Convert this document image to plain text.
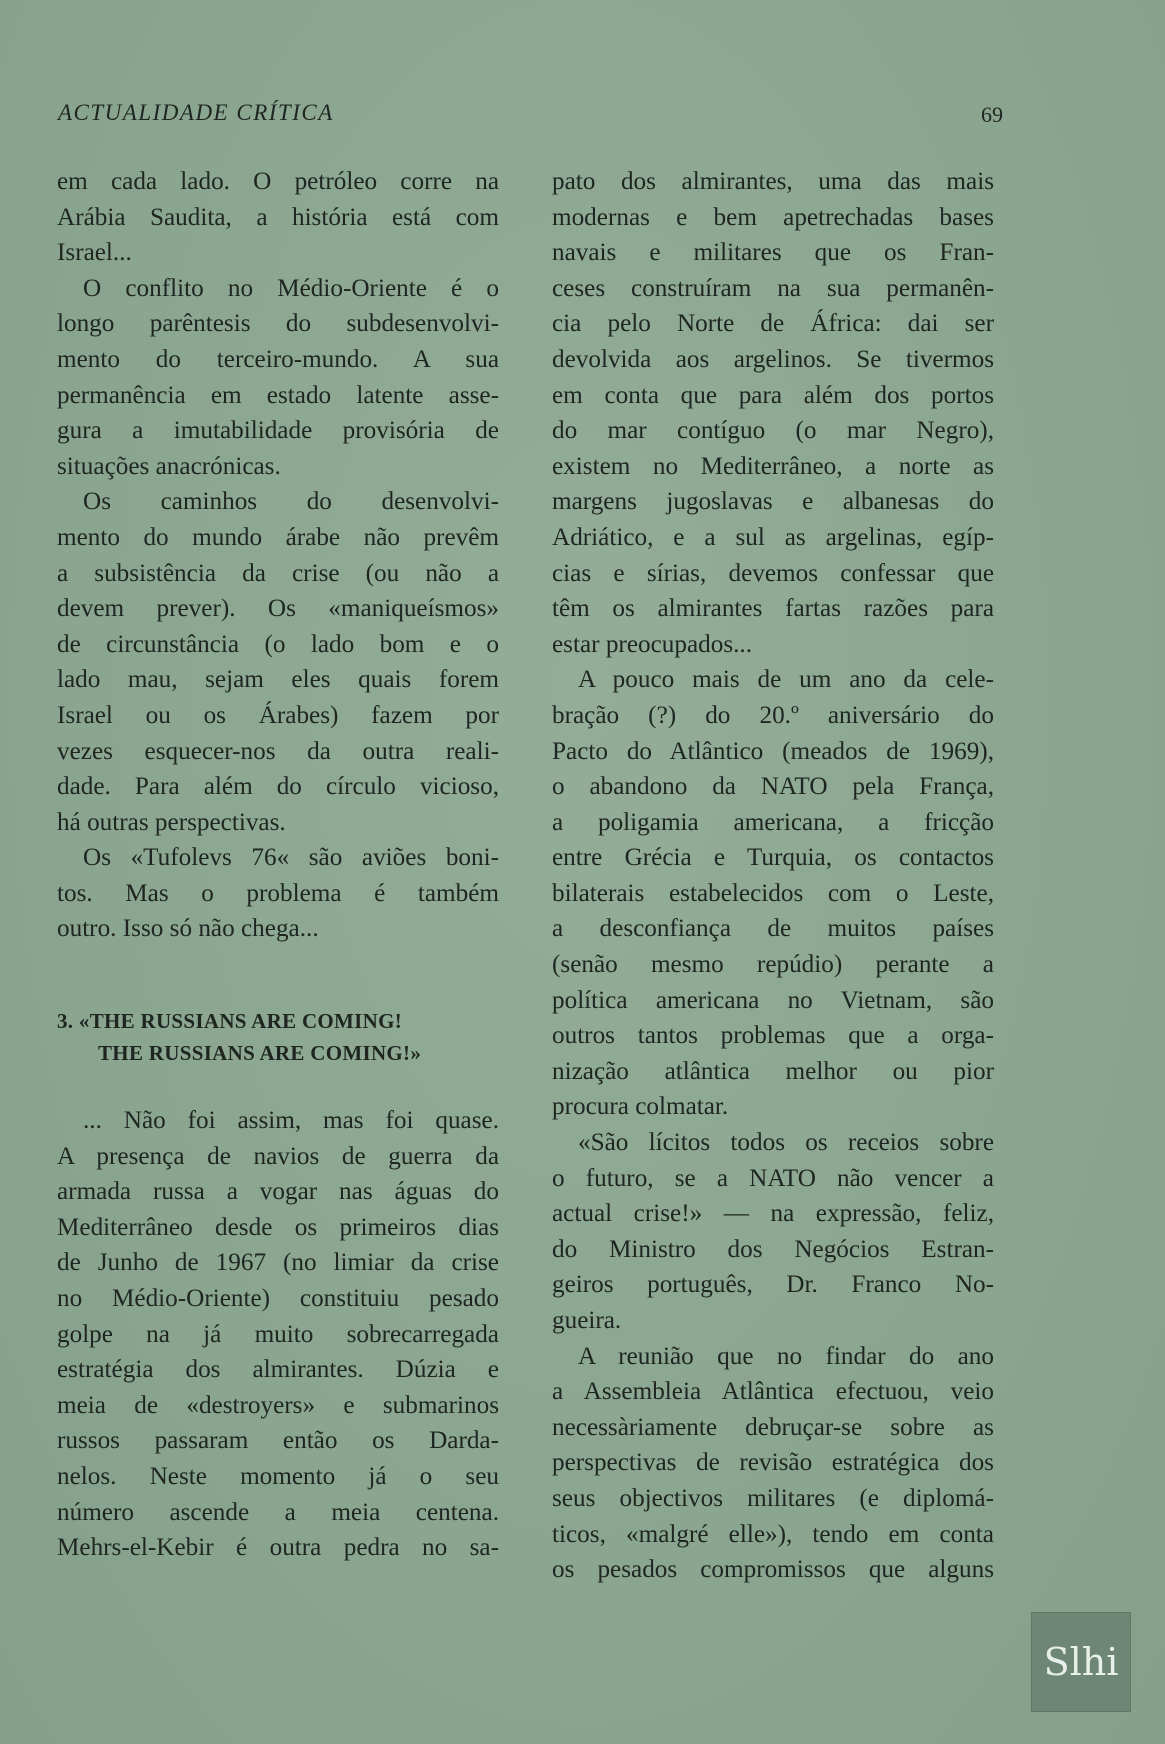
ACTUALIDADE CRÍTICA	69
em cada lado. O petróleo corre na
Arábia Saudita, a história está com
Israel...
O conflito no Médio-Oriente é o
longo parêntesis do subdesenvolvi-
mento do terceiro-mundo. A sua
permanência em estado latente asse-
gura a imutabilidade provisória de
situações anacrónicas.
Os caminhos do desenvolvi-
mento do mundo árabe não prevêm
a subsistência da crise (ou não a
devem prever). Os «maniqueísmos»
de circunstância (o lado bom e o
lado mau, sejam eles quais forem
Israel ou os Árabes) fazem por
vezes esquecer-nos da outra reali-
dade. Para além do círculo vicioso,
há outras perspectivas.
Os «Tufolevs 76« são aviões boni-
tos. Mas o problema é também
outro. Isso só não chega...
3. «THE RUSSIANS ARE COMING!
THE RUSSIANS ARE COMING!»
... Não foi assim, mas foi quase.
A presença de navios de guerra da
armada russa a vogar nas águas do
Mediterrâneo desde os primeiros dias
de Junho de 1967 (no limiar da crise
no Médio-Oriente) constituiu pesado
golpe na já muito sobrecarregada
estratégia dos almirantes. Dúzia e
meia de «destroyers» e submarinos
russos passaram então os Darda-
nelos. Neste momento já o seu
número ascende a meia centena.
Mehrs-el-Kebir é outra pedra no sa-
pato dos almirantes, uma das mais
modernas e bem apetrechadas bases
navais e militares que os Fran-
ceses construíram na sua permanên-
cia pelo Norte de África: dai ser
devolvida aos argelinos. Se tivermos
em conta que para além dos portos
do mar contíguo (o mar Negro),
existem no Mediterrâneo, a norte as
margens jugoslavas e albanesas do
Adriático, e a sul as argelinas, egíp-
cias e sírias, devemos confessar que
têm os almirantes fartas razões para
estar preocupados...
A pouco mais de um ano da cele-
bração (?) do 20.º aniversário do
Pacto do Atlântico (meados de 1969),
o abandono da NATO pela França,
a poligamia americana, a fricção
entre Grécia e Turquia, os contactos
bilaterais estabelecidos com o Leste,
a desconfiança de muitos países
(senão mesmo repúdio) perante a
política americana no Vietnam, são
outros tantos problemas que a orga-
nização atlântica melhor ou pior
procura colmatar.
«São lícitos todos os receios sobre
o futuro, se a NATO não vencer a
actual crise!» — na expressão, feliz,
do Ministro dos Negócios Estran-
geiros português, Dr. Franco No-
gueira.
A reunião que no findar do ano
a Assembleia Atlântica efectuou, veio
necessàriamente debruçar-se sobre as
perspectivas de revisão estratégica dos
seus objectivos militares (e diplomá-
ticos, «malgré elle»), tendo em conta
os pesados compromissos que alguns
Slhi
